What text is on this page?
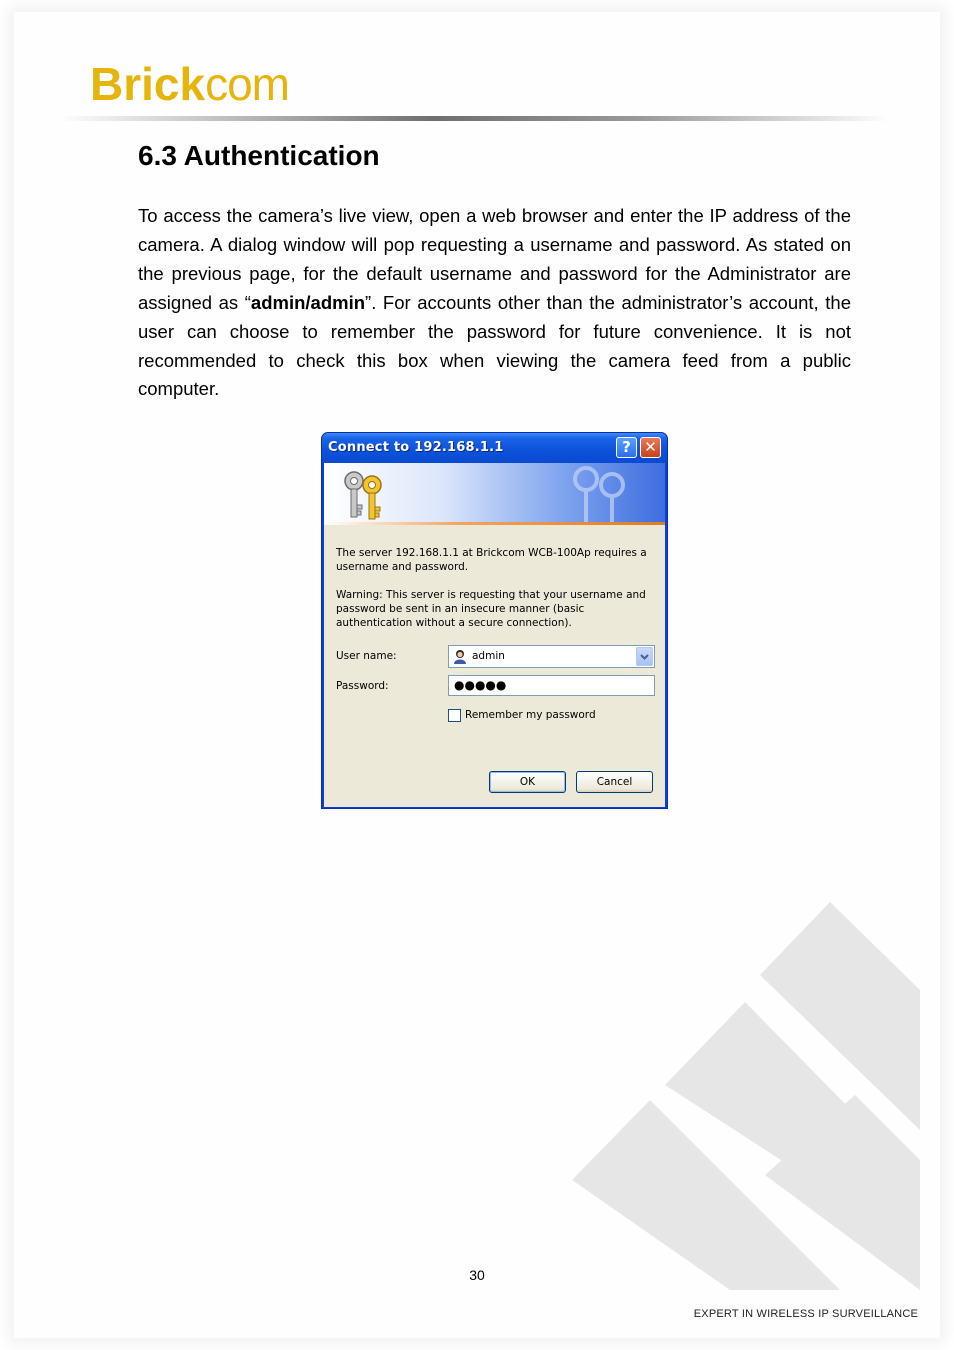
Brickcom
6.3 Authentication

To access the camera’s live view, open a web browser and enter the IP address of the camera. A dialog window will pop requesting a username and password. As stated on the previous page, for the default username and password for the Administrator are assigned as “admin/admin”. For accounts other than the administrator’s account, the user can choose to remember the password for future convenience. It is not recommended to check this box when viewing the camera feed from a public computer.

Connect to 192.168.1.1	? ✕
The server 192.168.1.1 at Brickcom WCB-100Ap requires a username and password.
Warning: This server is requesting that your username and password be sent in an insecure manner (basic authentication without a secure connection).
User name:	admin
Password:	●●●●●
Remember my password
OK	Cancel
30
EXPERT IN WIRELESS IP SURVEILLANCE
